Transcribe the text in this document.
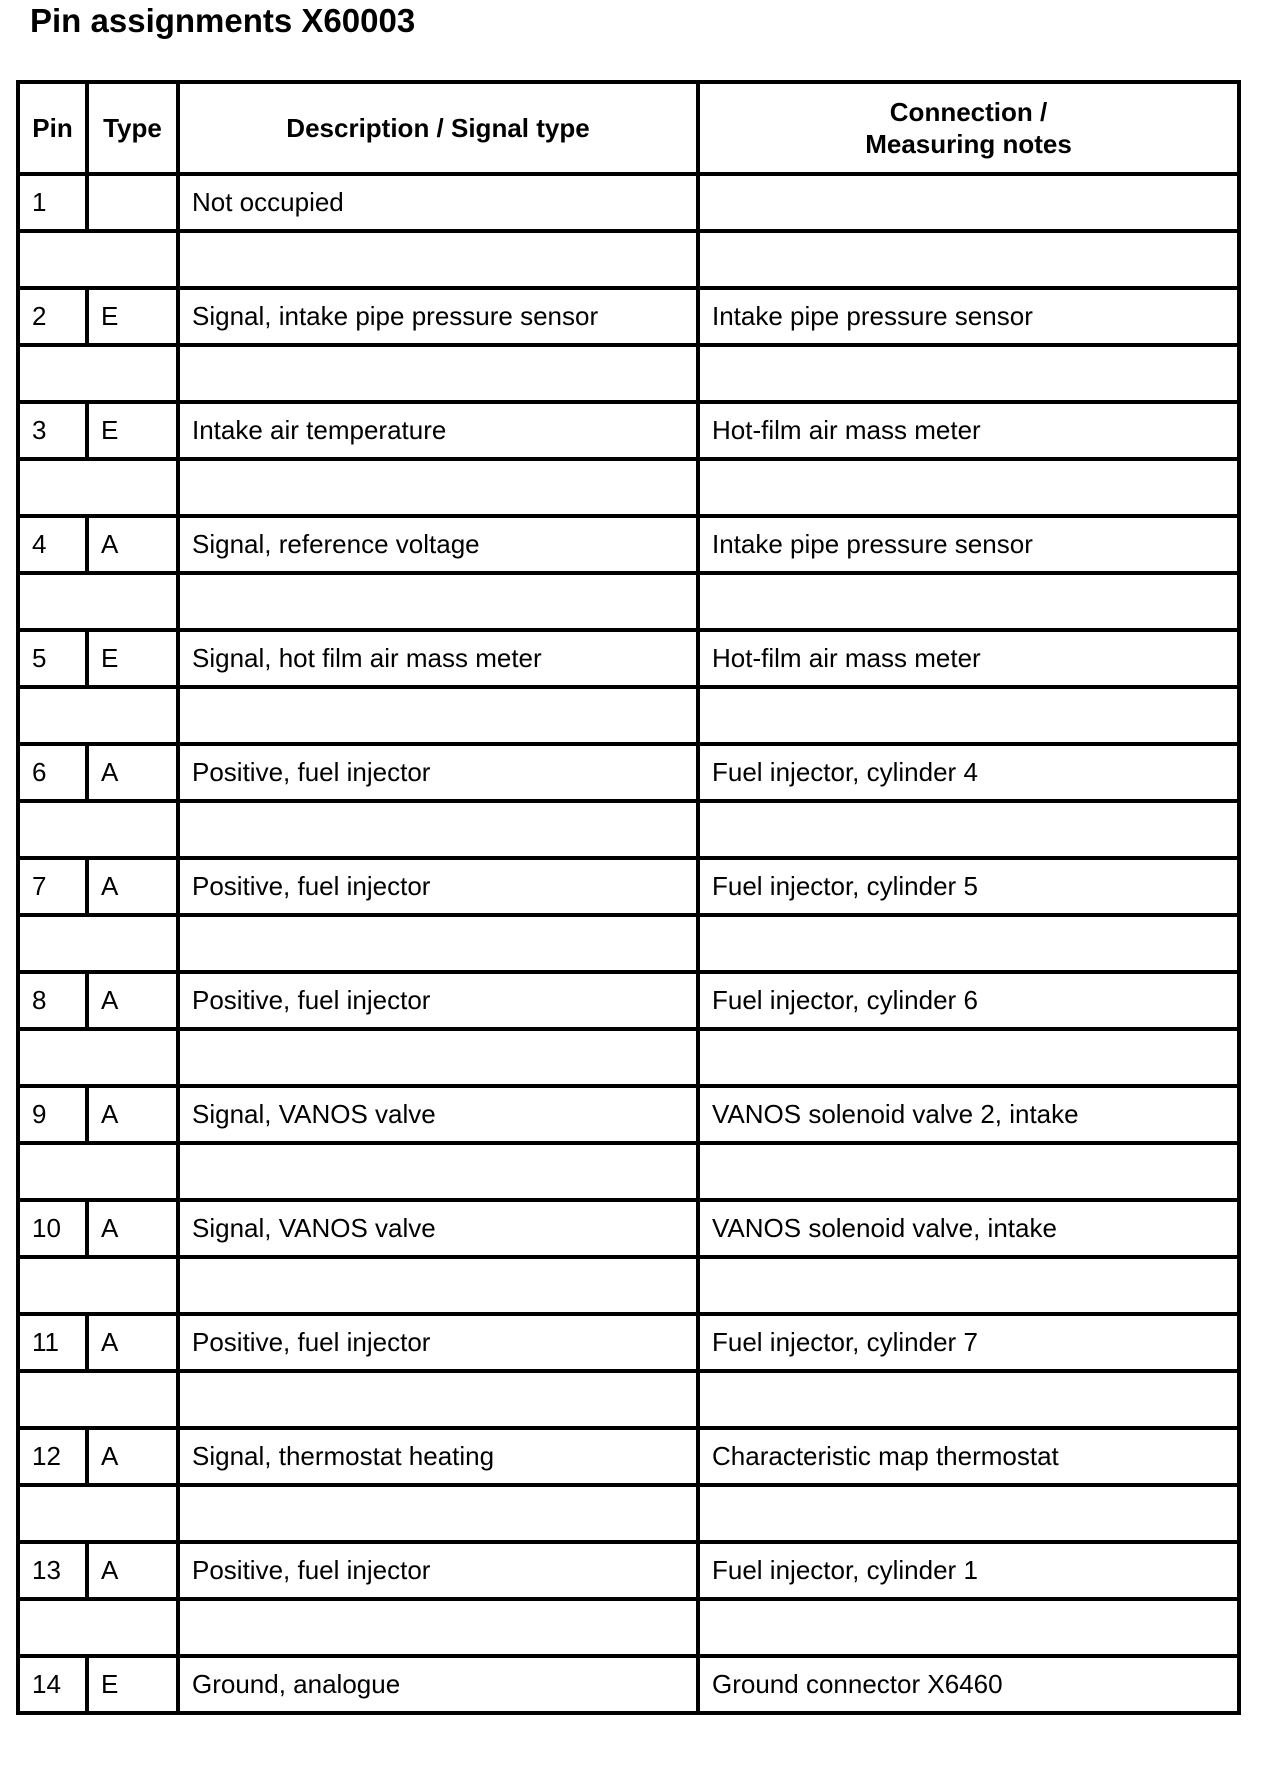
Pin assignments X60003
Pin	Type	Description / Signal type	Connection /
Measuring notes
1		Not occupied	

2	E	Signal, intake pipe pressure sensor	Intake pipe pressure sensor

3	E	Intake air temperature	Hot-film air mass meter

4	A	Signal, reference voltage	Intake pipe pressure sensor

5	E	Signal, hot film air mass meter	Hot-film air mass meter

6	A	Positive, fuel injector	Fuel injector, cylinder 4

7	A	Positive, fuel injector	Fuel injector, cylinder 5

8	A	Positive, fuel injector	Fuel injector, cylinder 6

9	A	Signal, VANOS valve	VANOS solenoid valve 2, intake

10	A	Signal, VANOS valve	VANOS solenoid valve, intake

11	A	Positive, fuel injector	Fuel injector, cylinder 7

12	A	Signal, thermostat heating	Characteristic map thermostat

13	A	Positive, fuel injector	Fuel injector, cylinder 1

14	E	Ground, analogue	Ground connector X6460
